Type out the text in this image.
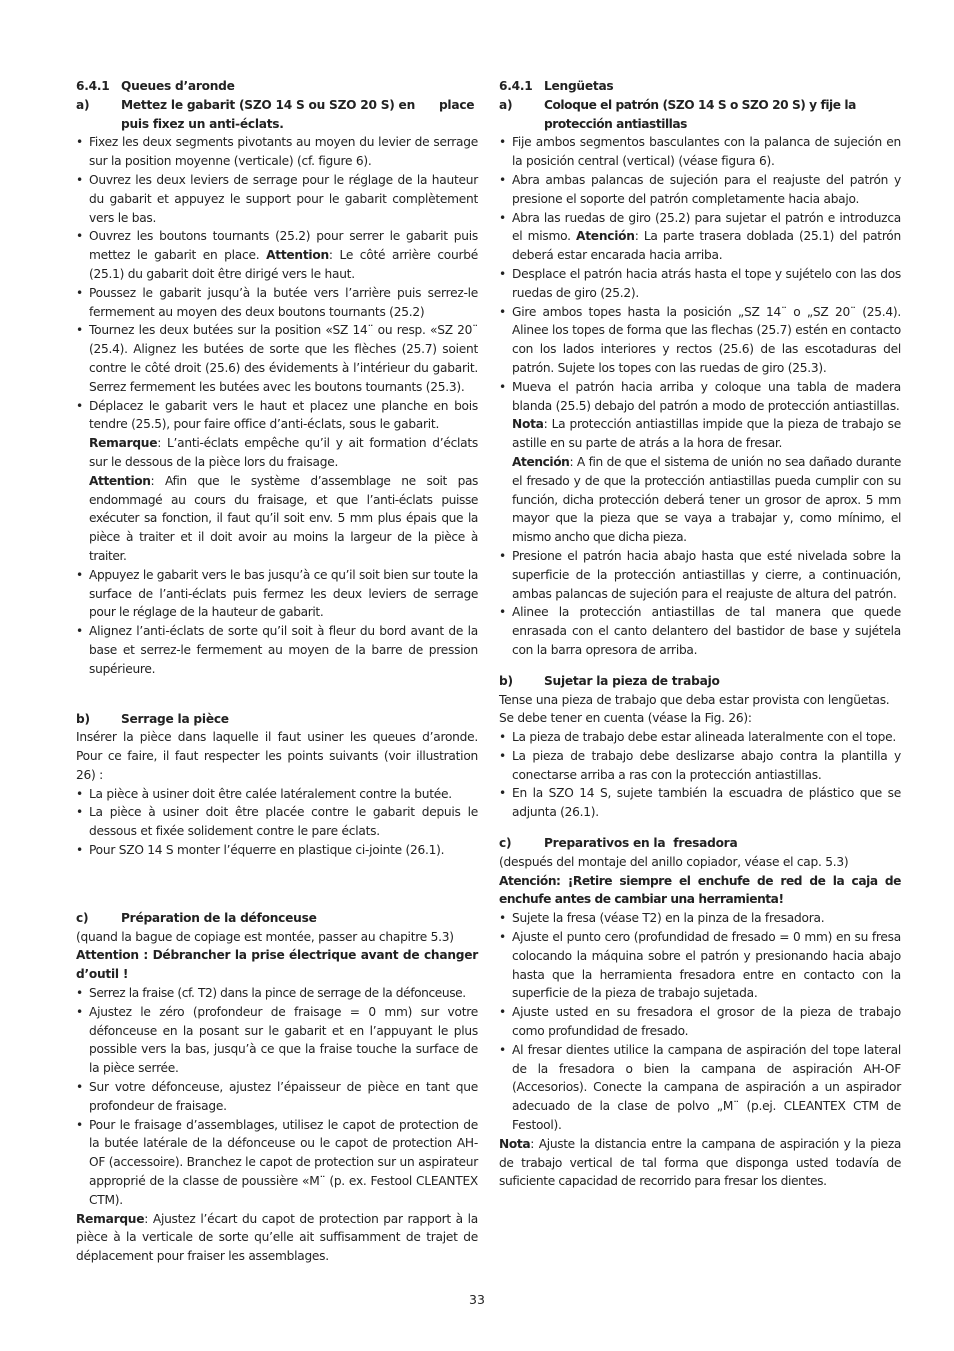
6.4.1 Queues d’aronde
a)	Mettez le gabarit (SZO 14 S ou SZO 20 S) en      place puis fixez un anti-éclats.
• Fixez les deux segments pivotants au moyen du levier de serrage sur la position moyenne (verticale) (cf. figure 6).
• Ouvrez les deux leviers de serrage pour le réglage de la hauteur du gabarit et appuyez le support pour le gabarit complètement vers le bas.
• Ouvrez les boutons tournants (25.2) pour serrer le gabarit puis mettez le gabarit en place. Attention: Le côté arrière courbé (25.1) du gabarit doit être dirigé vers le haut.
• Poussez le gabarit jusqu’à la butée vers l’arrière puis serrez-le fermement au moyen des deux boutons tournants (25.2)
• Tournez les deux butées sur la position «SZ 14¨ ou resp. «SZ 20¨ (25.4). Alignez les butées de sorte que les flèches (25.7) soient contre le côté droit (25.6) des évidements à l’intérieur du gabarit. Serrez fermement les butées avec les boutons tournants (25.3).
• Déplacez le gabarit vers le haut et placez une planche en bois tendre (25.5), pour faire office d’anti-éclats, sous le gabarit.
Remarque: L’anti-éclats empêche qu’il y ait formation d’éclats sur le dessous de la pièce lors du fraisage.
Attention: Afin que le système d’assemblage ne soit pas endommagé au cours du fraisage, et que l’anti-éclats puisse exécuter sa fonction, il faut qu’il soit env. 5 mm plus épais que la pièce à traiter et il doit avoir au moins la largeur de la pièce à traiter.
• Appuyez le gabarit vers le bas jusqu’à ce qu’il soit bien sur toute la surface de l’anti-éclats puis fermez les deux leviers de serrage pour le réglage de la hauteur de gabarit.
• Alignez l’anti-éclats de sorte qu’il soit à fleur du bord avant de la base et serrez-le fermement au moyen de la barre de pression supérieure.
b)	Serrage la pièce

Insérer la pièce dans laquelle il faut usiner les queues d’aronde. Pour ce faire, il faut respecter les points suivants (voir illustration 26) :

• La pièce à usiner doit être calée latéralement contre la butée.
• La pièce à usiner doit être placée contre le gabarit depuis le dessous et fixée solidement contre le pare éclats.
• Pour SZO 14 S monter l’équerre en plastique ci-jointe (26.1).
c)	Préparation de la défonceuse

(quand la bague de copiage est montée, passer au chapitre 5.3)

Attention : Débrancher la prise électrique avant de changer d’outil !

• Serrez la fraise (cf. T2) dans la pince de serrage de la défonceuse.
• Ajustez le zéro (profondeur de fraisage = 0 mm) sur votre défonceuse en la posant sur le gabarit et en l’appuyant le plus possible vers la bas, jusqu’à ce que la fraise touche la surface de la pièce serrée.
• Sur votre défonceuse, ajustez l’épaisseur de pièce en tant que profondeur de fraisage.
• Pour le fraisage d’assemblages, utilisez le capot de protection de la butée latérale de la défonceuse ou le capot de protection AH-OF (accessoire). Branchez le capot de protection sur un aspirateur approprié de la classe de poussière «M¨ (p. ex. Festool CLEANTEX CTM).

Remarque: Ajustez l’écart du capot de protection par rapport à la pièce à la verticale de sorte qu’elle ait suffisamment de trajet de déplacement pour fraiser les assemblages.

6.4.1 Lengüetas
a)	Coloque el patrón (SZO 14 S o SZO 20 S) y fije la protección antiastillas
• Fije ambos segmentos basculantes con la palanca de sujeción en la posición central (vertical) (véase figura 6).
• Abra ambas palancas de sujeción para el reajuste del patrón y presione el soporte del patrón completamente hacia abajo.
• Abra las ruedas de giro (25.2) para sujetar el patrón e introduzca el mismo. Atención: La parte trasera doblada (25.1) del patrón deberá estar encarada hacia arriba.
• Desplace el patrón hacia atrás hasta el tope y sujételo con las dos ruedas de giro (25.2).
• Gire ambos topes hasta la posición „SZ 14¨ o „SZ 20¨ (25.4). Alinee los topes de forma que las flechas (25.7) estén en contacto con los lados interiores y rectos (25.6) de las escotaduras del patrón. Sujete los topes con las ruedas de giro (25.3).
• Mueva el patrón hacia arriba y coloque una tabla de madera blanda (25.5) debajo del patrón a modo de protección antiastillas.
Nota: La protección antiastillas impide que la pieza de trabajo se astille en su parte de atrás a la hora de fresar.
Atención: A fin de que el sistema de unión no sea dañado durante el fresado y de que la protección antiastillas pueda cumplir con su función, dicha protección deberá tener un grosor de aprox. 5 mm mayor que la pieza que se vaya a trabajar y, como mínimo, el mismo ancho que dicha pieza.
• Presione el patrón hacia abajo hasta que esté nivelada sobre la superficie de la protección antiastillas y cierre, a continuación, ambas palancas de sujeción para el reajuste de altura del patrón.
• Alinee la protección antiastillas de tal manera que quede enrasada con el canto delantero del bastidor de base y sujétela con la barra opresora de arriba.
b)	Sujetar la pieza de trabajo

Tense una pieza de trabajo que deba estar provista con lengüetas.

Se debe tener en cuenta (véase la Fig. 26):

• La pieza de trabajo debe estar alineada lateralmente con el tope.
• La pieza de trabajo debe deslizarse abajo contra la plantilla y conectarse arriba a ras con la protección antiastillas.
• En la SZO 14 S, sujete también la escuadra de plástico que se adjunta (26.1).
c)	Preparativos en la  fresadora

(después del montaje del anillo copiador, véase el cap. 5.3)

Atención: ¡Retire siempre el enchufe de red de la caja de enchufe antes de cambiar una herramienta!

• Sujete la fresa (véase T2) en la pinza de la fresadora.
• Ajuste el punto cero (profundidad de fresado = 0 mm) en su fresa colocando la máquina sobre el patrón y presionando hacia abajo hasta que la herramienta fresadora entre en contacto con la superficie de la pieza de trabajo sujetada.
• Ajuste usted en su fresadora el grosor de la pieza de trabajo como profundidad de fresado.
• Al fresar dientes utilice la campana de aspiración del tope lateral de la fresadora o bien la campana de aspiración AH-OF (Accesorios). Conecte la campana de aspiración a un aspirador adecuado de la clase de polvo „M¨ (p.ej. CLEANTEX CTM de Festool).

Nota: Ajuste la distancia entre la campana de aspiración y la pieza de trabajo vertical de tal forma que disponga usted todavía de suficiente capacidad de recorrido para fresar los dientes.

33
